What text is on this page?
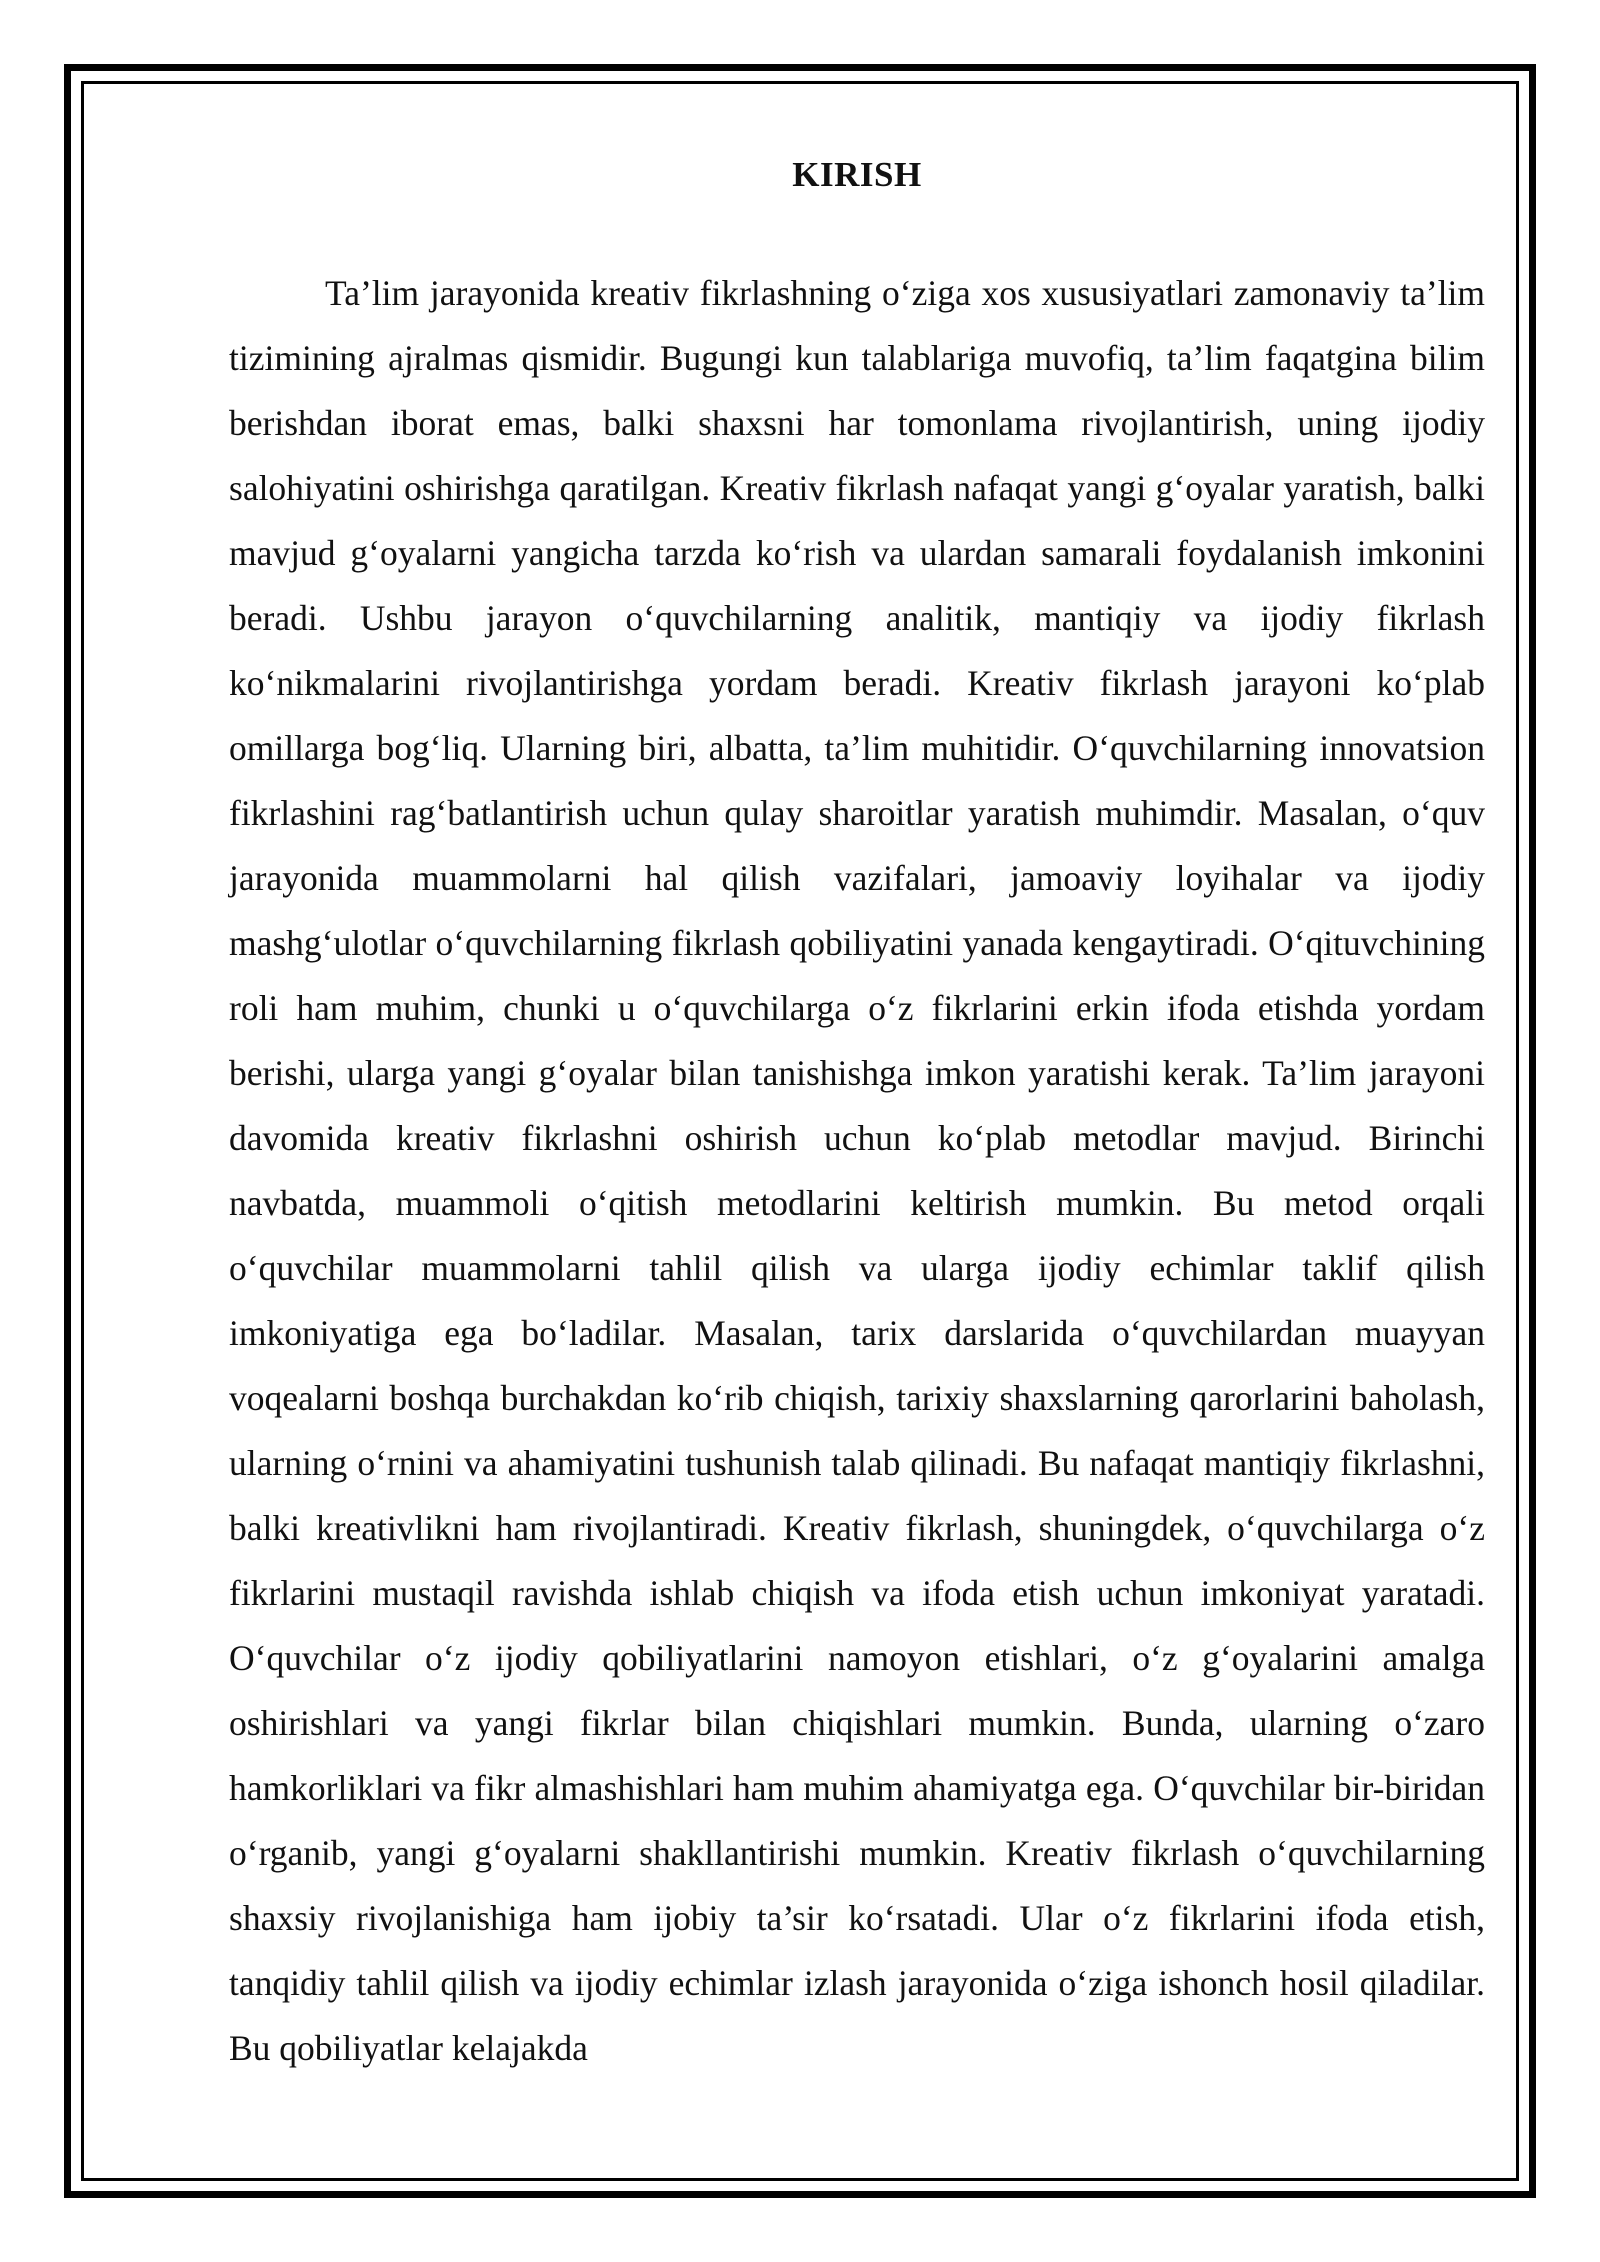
KIRISH

Ta’lim jarayonida kreativ fikrlashning o‘ziga xos xususiyatlari zamonaviy ta’lim tizimining ajralmas qismidir. Bugungi kun talablariga muvofiq, ta’lim faqatgina bilim berishdan iborat emas, balki shaxsni har tomonlama rivojlantirish, uning ijodiy salohiyatini oshirishga qaratilgan. Kreativ fikrlash nafaqat yangi g‘oyalar yaratish, balki mavjud g‘oyalarni yangicha tarzda ko‘rish va ulardan samarali foydalanish imkonini beradi. Ushbu jarayon o‘quvchilarning analitik, mantiqiy va ijodiy fikrlash ko‘nikmalarini rivojlantirishga yordam beradi. Kreativ fikrlash jarayoni ko‘plab omillarga bog‘liq. Ularning biri, albatta, ta’lim muhitidir. O‘quvchilarning innovatsion fikrlashini rag‘batlantirish uchun qulay sharoitlar yaratish muhimdir. Masalan, o‘quv jarayonida muammolarni hal qilish vazifalari, jamoaviy loyihalar va ijodiy mashg‘ulotlar o‘quvchilarning fikrlash qobiliyatini yanada kengaytiradi. O‘qituvchining roli ham muhim, chunki u o‘quvchilarga o‘z fikrlarini erkin ifoda etishda yordam berishi, ularga yangi g‘oyalar bilan tanishishga imkon yaratishi kerak. Ta’lim jarayoni davomida kreativ fikrlashni oshirish uchun ko‘plab metodlar mavjud. Birinchi navbatda, muammoli o‘qitish metodlarini keltirish mumkin. Bu metod orqali o‘quvchilar muammolarni tahlil qilish va ularga ijodiy echimlar taklif qilish imkoniyatiga ega bo‘ladilar. Masalan, tarix darslarida o‘quvchilardan muayyan voqealarni boshqa burchakdan ko‘rib chiqish, tarixiy shaxslarning qarorlarini baholash, ularning o‘rnini va ahamiyatini tushunish talab qilinadi. Bu nafaqat mantiqiy fikrlashni, balki kreativlikni ham rivojlantiradi. Kreativ fikrlash, shuningdek, o‘quvchilarga o‘z fikrlarini mustaqil ravishda ishlab chiqish va ifoda etish uchun imkoniyat yaratadi. O‘quvchilar o‘z ijodiy qobiliyatlarini namoyon etishlari, o‘z g‘oyalarini amalga oshirishlari va yangi fikrlar bilan chiqishlari mumkin. Bunda, ularning o‘zaro hamkorliklari va fikr almashishlari ham muhim ahamiyatga ega. O‘quvchilar bir-biridan o‘rganib, yangi g‘oyalarni shakllantirishi mumkin. Kreativ fikrlash o‘quvchilarning shaxsiy rivojlanishiga ham ijobiy ta’sir ko‘rsatadi. Ular o‘z fikrlarini ifoda etish, tanqidiy tahlil qilish va ijodiy echimlar izlash jarayonida o‘ziga ishonch hosil qiladilar. Bu qobiliyatlar kelajakda
